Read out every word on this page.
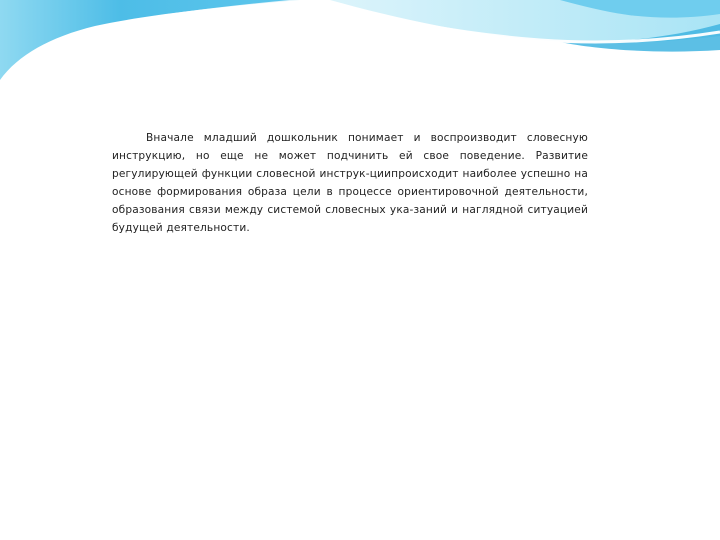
Вначале младший дошкольник понимает и воспроизводит словесную инструкцию, но еще не может подчинить ей свое поведение. Развитие регулирующей функции словесной инструк-циипроисходит наиболее успешно на основе формирования образа цели в процессе ориентировочной деятельности, образования связи между системой словесных ука-заний и наглядной ситуацией будущей деятельности.
